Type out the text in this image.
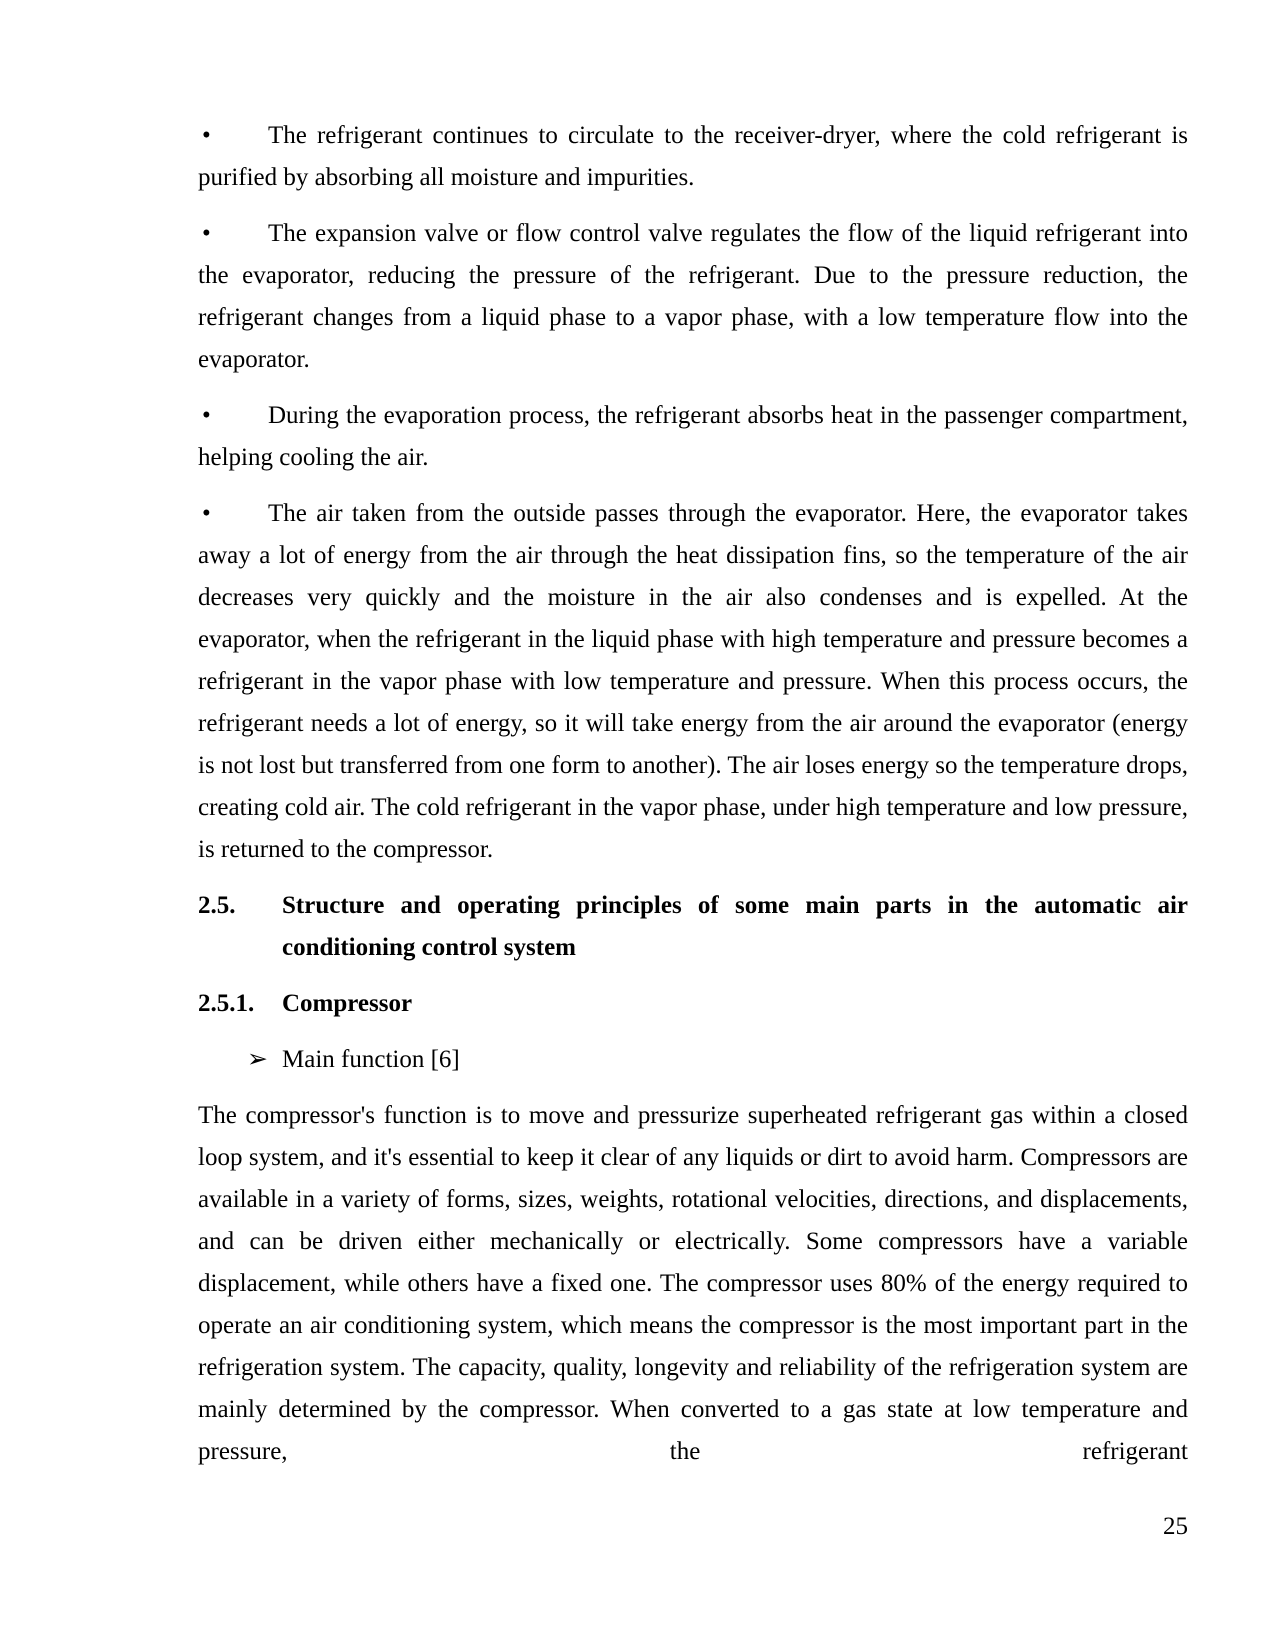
• The refrigerant continues to circulate to the receiver-dryer, where the cold refrigerant is purified by absorbing all moisture and impurities.

• The expansion valve or flow control valve regulates the flow of the liquid refrigerant into the evaporator, reducing the pressure of the refrigerant. Due to the pressure reduction, the refrigerant changes from a liquid phase to a vapor phase, with a low temperature flow into the evaporator.

• During the evaporation process, the refrigerant absorbs heat in the passenger compartment, helping cooling the air.

• The air taken from the outside passes through the evaporator. Here, the evaporator takes away a lot of energy from the air through the heat dissipation fins, so the temperature of the air decreases very quickly and the moisture in the air also condenses and is expelled. At the evaporator, when the refrigerant in the liquid phase with high temperature and pressure becomes a refrigerant in the vapor phase with low temperature and pressure. When this process occurs, the refrigerant needs a lot of energy, so it will take energy from the air around the evaporator (energy is not lost but transferred from one form to another). The air loses energy so the temperature drops, creating cold air. The cold refrigerant in the vapor phase, under high temperature and low pressure, is returned to the compressor.

2.5. Structure and operating principles of some main parts in the automatic air conditioning control system

2.5.1. Compressor

➢ Main function [6]

The compressor's function is to move and pressurize superheated refrigerant gas within a closed loop system, and it's essential to keep it clear of any liquids or dirt to avoid harm. Compressors are available in a variety of forms, sizes, weights, rotational velocities, directions, and displacements, and can be driven either mechanically or electrically. Some compressors have a variable displacement, while others have a fixed one. The compressor uses 80% of the energy required to operate an air conditioning system, which means the compressor is the most important part in the refrigeration system. The capacity, quality, longevity and reliability of the refrigeration system are mainly determined by the compressor. When converted to a gas state at low temperature and pressure, the refrigerant

25
